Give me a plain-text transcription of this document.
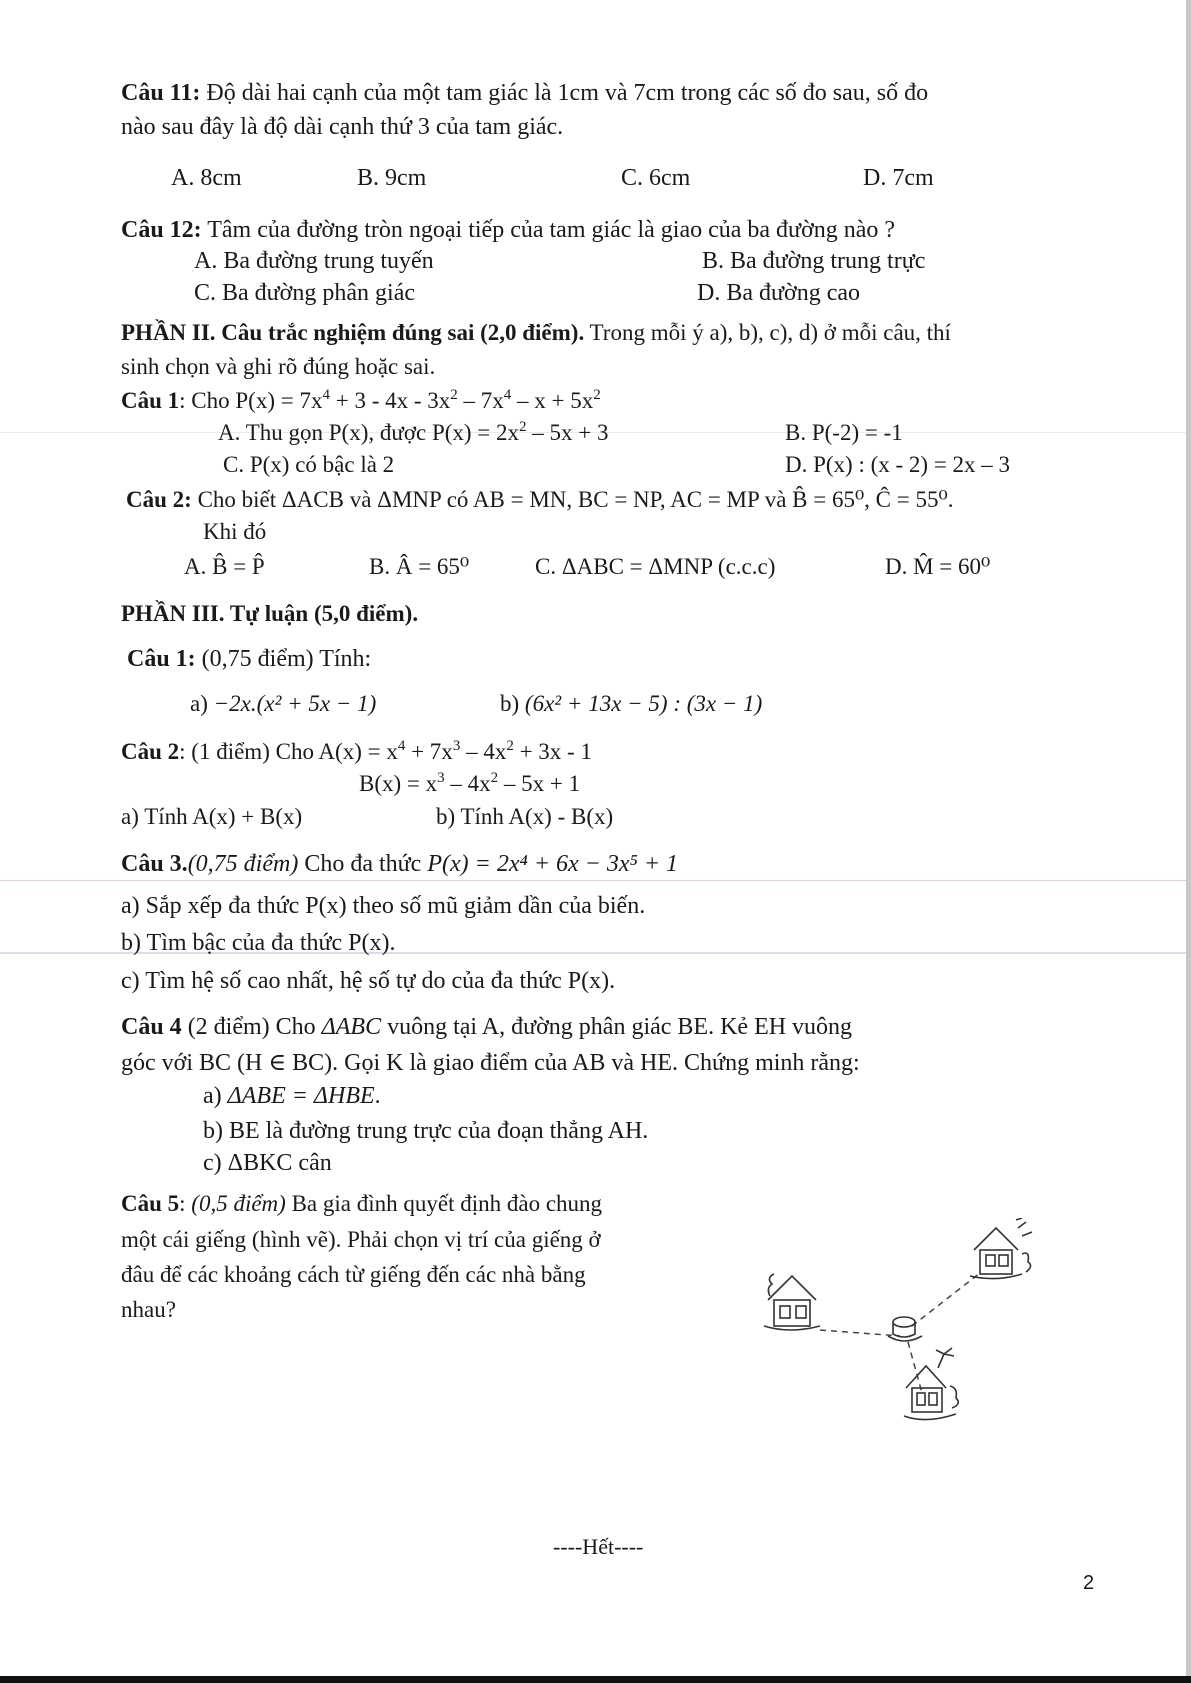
Câu 11: Độ dài hai cạnh của một tam giác là 1cm và 7cm trong các số đo sau, số đo
nào sau đây là độ dài cạnh thứ 3 của tam giác.
A. 8cm	B. 9cm	C. 6cm	D. 7cm
Câu 12: Tâm của đường tròn ngoại tiếp của tam giác là giao của ba đường nào ?
A. Ba đường trung tuyến	B. Ba đường trung trực
C. Ba đường phân giác	D. Ba đường cao
PHẦN II. Câu trắc nghiệm đúng sai (2,0 điểm). Trong mỗi ý a), b), c), d) ở mỗi câu, thí
sinh chọn và ghi rõ đúng hoặc sai.
Câu 1: Cho $P(x) = 7x^4 + 3 - 4x - 3x^2 - 7x^4 - x + 5x^2$
A. Thu gọn P(x), được $P(x) = 2x^2 - 5x + 3$	B. P(-2) = -1
C. P(x) có bậc là 2	D. P(x) : (x - 2) = 2x – 3
Câu 2: Cho biết ΔACB và ΔMNP có AB = MN, BC = NP, AC = MP và B̂ = 65⁰, Ĉ = 55⁰.
Khi đó
A. B̂ = P̂	B. Â = 65⁰	C. ΔABC = ΔMNP (c.c.c)	D. M̂ = 60⁰
PHẦN III. Tự luận (5,0 điểm).
Câu 1: (0,75 điểm) Tính:
a) −2x.(x² + 5x − 1)	b) (6x² + 13x − 5) : (3x − 1)
Câu 2: (1 điểm) Cho $A(x) = x^4 + 7x^3 - 4x^2 + 3x - 1$
$B(x) = x^3 - 4x^2 - 5x + 1$
a) Tính A(x) + B(x)	b) Tính A(x) - B(x)
Câu 3.(0,75 điểm) Cho đa thức P(x) = 2x⁴ + 6x − 3x⁵ + 1
a) Sắp xếp đa thức P(x) theo số mũ giảm dần của biến.
b) Tìm bậc của đa thức P(x).
c) Tìm hệ số cao nhất, hệ số tự do của đa thức P(x).
Câu 4 (2 điểm) Cho ΔABC vuông tại A, đường phân giác BE. Kẻ EH vuông
góc với BC (H ∈ BC). Gọi K là giao điểm của AB và HE. Chứng minh rằng:
a) ΔABE = ΔHBE.
b) BE là đường trung trực của đoạn thẳng AH.
c) ΔBKC cân
Câu 5: (0,5 điểm) Ba gia đình quyết định đào chung
một cái giếng (hình vẽ). Phải chọn vị trí của giếng ở
đâu để các khoảng cách từ giếng đến các nhà bằng
nhau?
----Hết----
2
